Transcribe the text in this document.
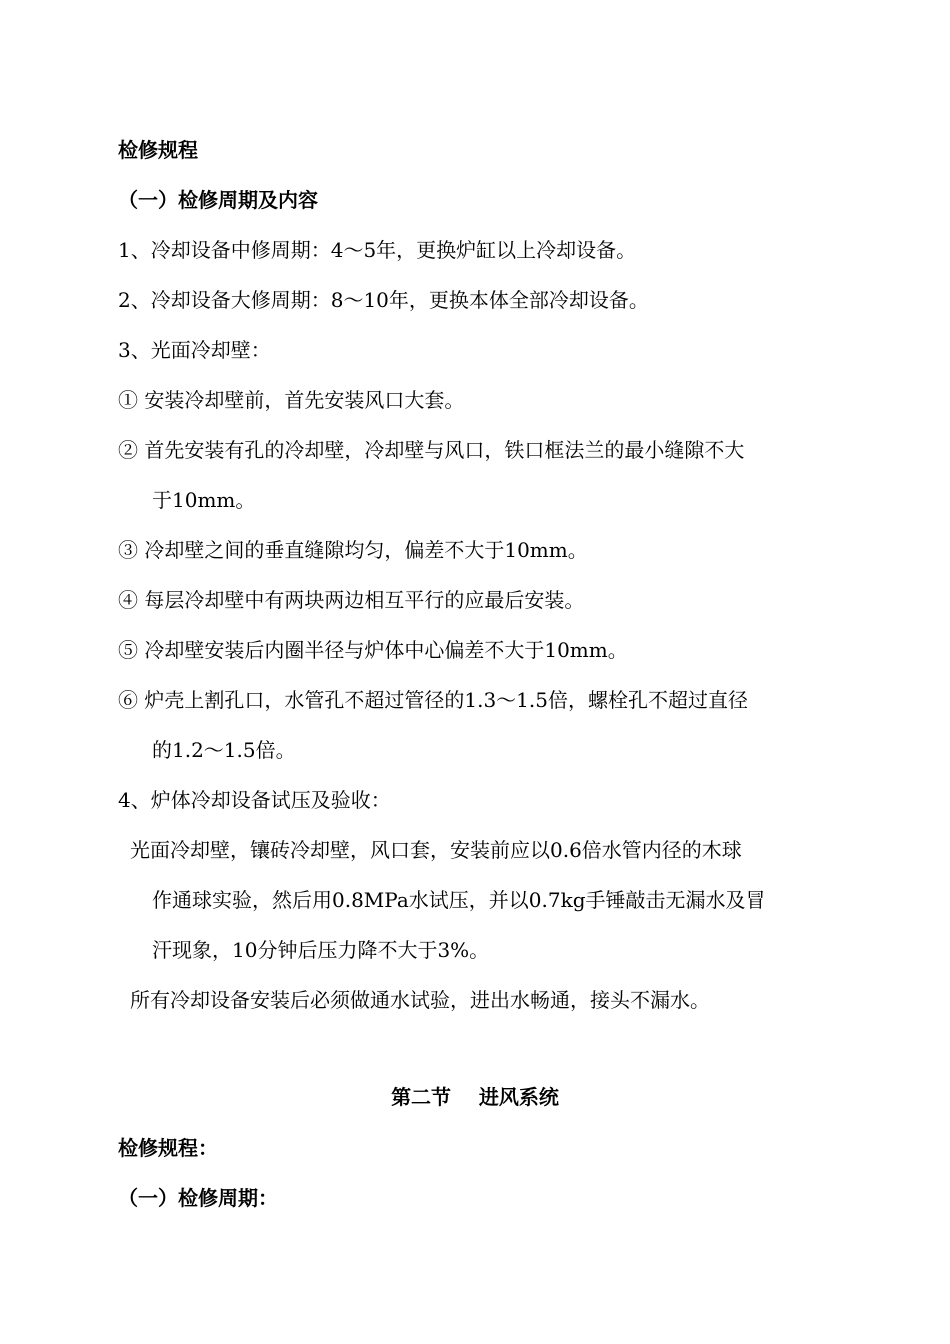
检修规程
（一）检修周期及内容
1、冷却设备中修周期：4～5年，更换炉缸以上冷却设备。
2、冷却设备大修周期：8～10年，更换本体全部冷却设备。
3、光面冷却壁：
① 安装冷却壁前，首先安装风口大套。
② 首先安装有孔的冷却壁，冷却壁与风口，铁口框法兰的最小缝隙不大
于10mm。
③ 冷却壁之间的垂直缝隙均匀，偏差不大于10mm。
④ 每层冷却壁中有两块两边相互平行的应最后安装。
⑤ 冷却壁安装后内圈半径与炉体中心偏差不大于10mm。
⑥ 炉壳上割孔口，水管孔不超过管径的1.3～1.5倍，螺栓孔不超过直径
的1.2～1.5倍。
4、炉体冷却设备试压及验收：
光面冷却壁，镶砖冷却壁，风口套，安装前应以0.6倍水管内径的木球
作通球实验，然后用0.8MPa水试压，并以0.7kg手锤敲击无漏水及冒
汗现象，10分钟后压力降不大于3%。
所有冷却设备安装后必须做通水试验，进出水畅通，接头不漏水。
第二节    进风系统
检修规程：
（一）检修周期：
